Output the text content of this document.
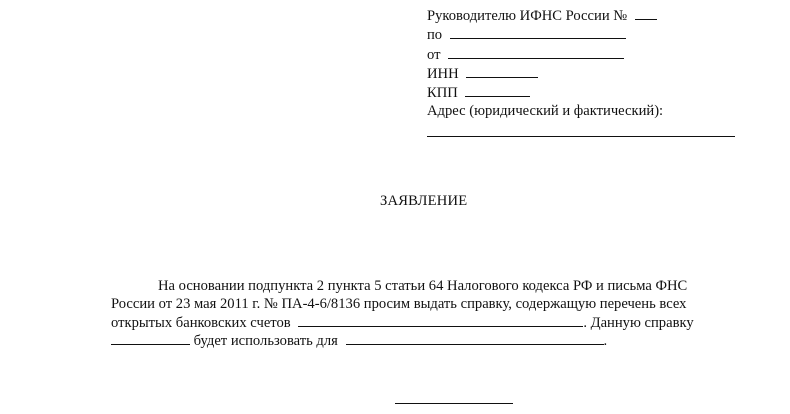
Руководителю ИФНС России №
по
от
ИНН
КПП
Адрес (юридический и фактический):
ЗАЯВЛЕНИЕ
На основании подпункта 2 пункта 5 статьи 64 Налогового кодекса РФ и письма ФНС
России от 23 мая 2011 г. № ПА-4-6/8136 просим выдать справку, содержащую перечень всех
открытых банковских счетов	. Данную справку
будет использовать для	.
